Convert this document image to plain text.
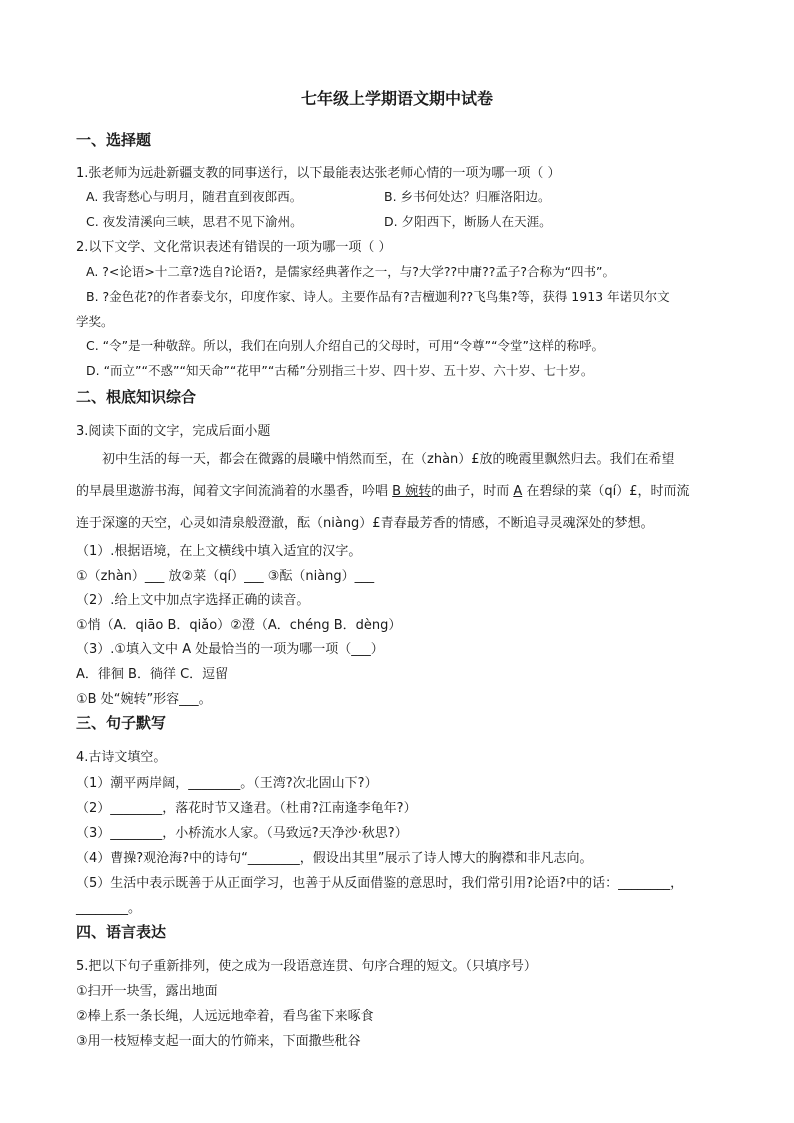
七年级上学期语文期中试卷
一、选择题
1.张老师为远赴新疆支教的同事送行，以下最能表达张老师心情的一项为哪一项（ ）
A. 我寄愁心与明月，随君直到夜郎西。	B. 乡书何处达？归雁洛阳边。
C. 夜发清溪向三峡，思君不见下渝州。	D. 夕阳西下，断肠人在天涯。
2.以下文学、文化常识表述有错误的一项为哪一项（ ）
A. ?<论语>十二章?选自?论语?，是儒家经典著作之一，与?大学??中庸??孟子?合称为“四书”。
B. ?金色花?的作者泰戈尔，印度作家、诗人。主要作品有?吉檀迦利??飞鸟集?等，获得 1913 年诺贝尔文
学奖。
C. “令”是一种敬辞。所以，我们在向别人介绍自己的父母时，可用“令尊”“令堂”这样的称呼。
D. “而立”“不惑”“知天命”“花甲”“古稀”分别指三十岁、四十岁、五十岁、六十岁、七十岁。
二、根底知识综合
3.阅读下面的文字，完成后面小题
初中生活的每一天，都会在微露的晨曦中悄然而至，在（zhàn）£放的晚霞里飘然归去。我们在希望
的早晨里遨游书海，闻着文字间流淌着的水墨香，吟唱 B 婉转的曲子，时而 A 在碧绿的菜（qí）£，时而流
连于深邃的天空，心灵如清泉般澄澈，酝（niàng）£青春最芳香的情感，不断追寻灵魂深处的梦想。
（1）.根据语境，在上文横线中填入适宜的汉字。
①（zhàn）___ 放②菜（qí）___ ③酝（niàng）___
（2）.给上文中加点字选择正确的读音。
①悄（A．qiāo B．qiǎo）②澄（A．chéng B．dèng）
（3）.①填入文中 A 处最恰当的一项为哪一项（___）
A．徘徊 B．徜徉 C．逗留
①B 处“婉转”形容___。
三、句子默写
4.古诗文填空。
（1）潮平两岸阔，________。（王湾?次北固山下?）
（2）________，落花时节又逢君。（杜甫?江南逢李龟年?）
（3）________，小桥流水人家。（马致远?天净沙·秋思?）
（4）曹操?观沧海?中的诗句“________，假设出其里”展示了诗人博大的胸襟和非凡志向。
（5）生活中表示既善于从正面学习，也善于从反面借鉴的意思时，我们常引用?论语?中的话：________，
________。
四、语言表达
5.把以下句子重新排列，使之成为一段语意连贯、句序合理的短文。（只填序号）
①扫开一块雪，露出地面
②棒上系一条长绳，人远远地牵着，看鸟雀下来啄食
③用一枝短棒支起一面大的竹筛来，下面撒些秕谷
